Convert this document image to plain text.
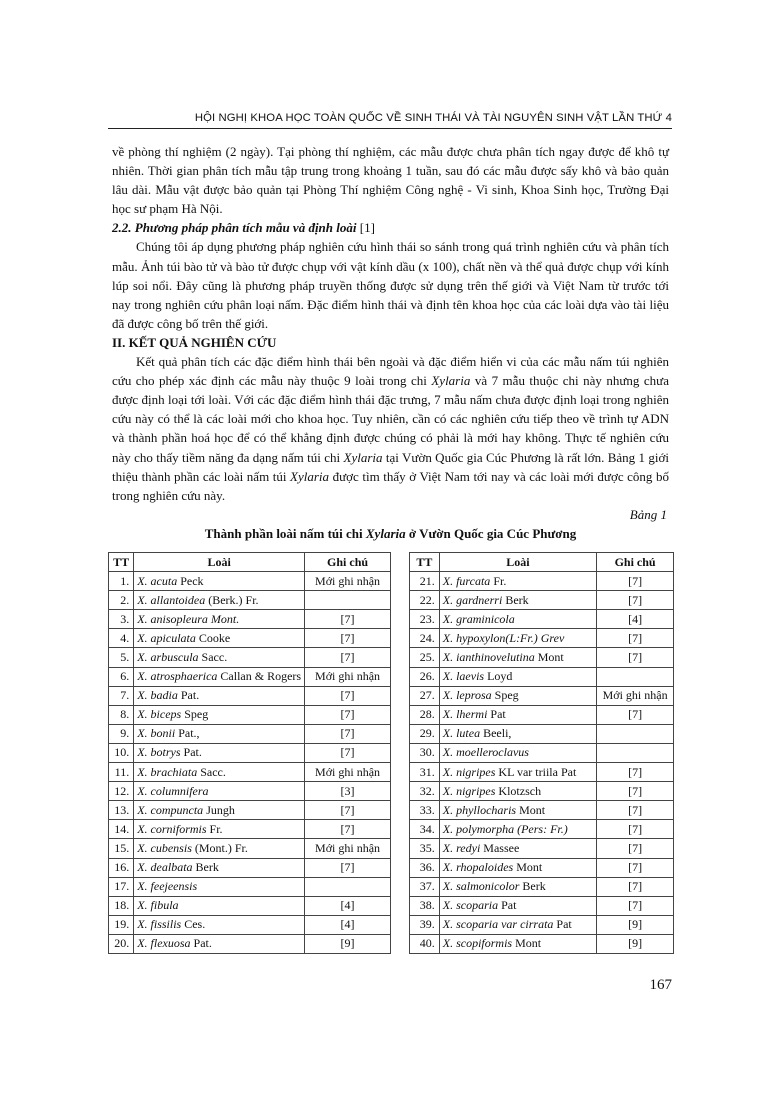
HỘI NGHỊ KHOA HỌC TOÀN QUỐC VỀ SINH THÁI VÀ TÀI NGUYÊN SINH VẬT LẦN THỨ 4

về phòng thí nghiệm (2 ngày). Tại phòng thí nghiệm, các mẫu được chưa phân tích ngay được để khô tự nhiên. Thời gian phân tích mẫu tập trung trong khoảng 1 tuần, sau đó các mẫu được sấy khô và bảo quản lâu dài. Mẫu vật được bảo quản tại Phòng Thí nghiệm Công nghệ - Vi sinh, Khoa Sinh học, Trường Đại học sư phạm Hà Nội.

2.2. Phương pháp phân tích mẫu và định loài [1]

Chúng tôi áp dụng phương pháp nghiên cứu hình thái so sánh trong quá trình nghiên cứu và phân tích mẫu. Ảnh túi bào tử và bào tử được chụp với vật kính dầu (x 100), chất nền và thể quả được chụp với kính lúp soi nổi. Đây cũng là phương pháp truyền thống được sử dụng trên thế giới và Việt Nam từ trước tới nay trong nghiên cứu phân loại nấm. Đặc điểm hình thái và định tên khoa học của các loài dựa vào tài liệu đã được công bố trên thế giới.

II. KẾT QUẢ NGHIÊN CỨU

Kết quả phân tích các đặc điểm hình thái bên ngoài và đặc điểm hiển vi của các mẫu nấm túi nghiên cứu cho phép xác định các mẫu này thuộc 9 loài trong chi Xylaria và 7 mẫu thuộc chi này nhưng chưa được định loại tới loài. Với các đặc điểm hình thái đặc trưng, 7 mẫu nấm chưa được định loại trong nghiên cứu này có thể là các loài mới cho khoa học. Tuy nhiên, cần có các nghiên cứu tiếp theo về trình tự ADN và thành phần hoá học để có thể khẳng định được chúng có phải là mới hay không. Thực tế nghiên cứu này cho thấy tiềm năng đa dạng nấm túi chi Xylaria tại Vườn Quốc gia Cúc Phương là rất lớn. Bảng 1 giới thiệu thành phần các loài nấm túi Xylaria được tìm thấy ở Việt Nam tới nay và các loài mới được công bố trong nghiên cứu này.

Bảng 1

Thành phần loài nấm túi chi Xylaria ở Vườn Quốc gia Cúc Phương

TT	Loài	Ghi chú
1.	X. acuta Peck	Mới ghi nhận
2.	X. allantoidea (Berk.) Fr.	
3.	X. anisopleura Mont.	[7]
4.	X. apiculata Cooke	[7]
5.	X. arbuscula Sacc.	[7]
6.	X. atrosphaerica Callan & Rogers	Mới ghi nhận
7.	X. badia Pat.	[7]
8.	X. biceps Speg	[7]
9.	X. bonii Pat.,	[7]
10.	X. botrys Pat.	[7]
11.	X. brachiata Sacc.	Mới ghi nhận
12.	X. columnifera	[3]
13.	X. compuncta Jungh	[7]
14.	X. corniformis Fr.	[7]
15.	X. cubensis (Mont.) Fr.	Mới ghi nhận
16.	X. dealbata Berk	[7]
17.	X. feejeensis	
18.	X. fibula	[4]
19.	X. fissilis Ces.	[4]
20.	X. flexuosa Pat.	[9]
TT	Loài	Ghi chú
21.	X. furcata Fr.	[7]
22.	X. gardnerri Berk	[7]
23.	X. graminicola	[4]
24.	X. hypoxylon(L:Fr.) Grev	[7]
25.	X. ianthinovelutina Mont	[7]
26.	X. laevis Loyd	
27.	X. leprosa Speg	Mới ghi nhận
28.	X. lhermi Pat	[7]
29.	X. lutea Beeli,	
30.	X. moelleroclavus	
31.	X. nigripes KL var triila Pat	[7]
32.	X. nigripes Klotzsch	[7]
33.	X. phyllocharis Mont	[7]
34.	X. polymorpha (Pers: Fr.)	[7]
35.	X. redyi Massee	[7]
36.	X. rhopaloides Mont	[7]
37.	X. salmonicolor Berk	[7]
38.	X. scoparia Pat	[7]
39.	X. scoparia var cirrata Pat	[9]
40.	X. scopiformis Mont	[9]
167
